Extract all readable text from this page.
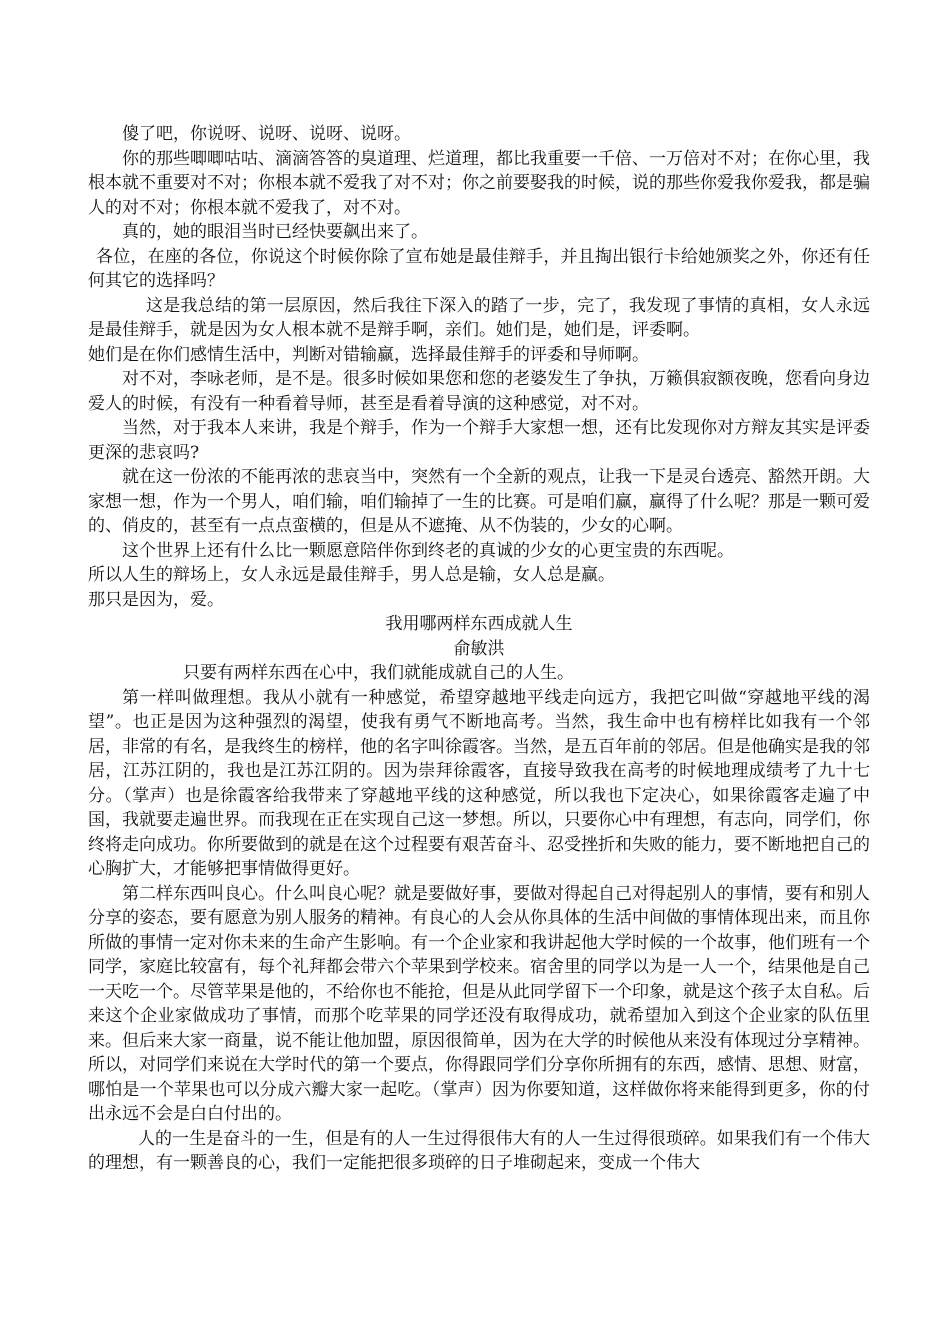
傻了吧，你说呀、说呀、说呀、说呀。

你的那些唧唧咕咕、滴滴答答的臭道理、烂道理，都比我重要一千倍、一万倍对不对；在你心里，我根本就不重要对不对；你根本就不爱我了对不对；你之前要娶我的时候，说的那些你爱我你爱我，都是骗人的对不对；你根本就不爱我了，对不对。

真的，她的眼泪当时已经快要飙出来了。

各位，在座的各位，你说这个时候你除了宣布她是最佳辩手，并且掏出银行卡给她颁奖之外，你还有任何其它的选择吗？

这是我总结的第一层原因，然后我往下深入的踏了一步，完了，我发现了事情的真相，女人永远是最佳辩手，就是因为女人根本就不是辩手啊，亲们。她们是，她们是，评委啊。

她们是在你们感情生活中，判断对错输赢，选择最佳辩手的评委和导师啊。

对不对，李咏老师，是不是。很多时候如果您和您的老婆发生了争执，万籁俱寂额夜晚，您看向身边爱人的时候，有没有一种看着导师，甚至是看着导演的这种感觉，对不对。

当然，对于我本人来讲，我是个辩手，作为一个辩手大家想一想，还有比发现你对方辩友其实是评委更深的悲哀吗?

就在这一份浓的不能再浓的悲哀当中，突然有一个全新的观点，让我一下是灵台透亮、豁然开朗。大家想一想，作为一个男人，咱们输，咱们输掉了一生的比赛。可是咱们赢，赢得了什么呢？那是一颗可爱的、俏皮的，甚至有一点点蛮横的，但是从不遮掩、从不伪装的，少女的心啊。

这个世界上还有什么比一颗愿意陪伴你到终老的真诚的少女的心更宝贵的东西呢。

所以人生的辩场上，女人永远是最佳辩手，男人总是输，女人总是赢。

那只是因为，爱。

我用哪两样东西成就人生

俞敏洪

只要有两样东西在心中，我们就能成就自己的人生。

第一样叫做理想。我从小就有一种感觉，希望穿越地平线走向远方，我把它叫做“穿越地平线的渴望”。也正是因为这种强烈的渴望，使我有勇气不断地高考。当然，我生命中也有榜样比如我有一个邻居，非常的有名，是我终生的榜样，他的名字叫徐霞客。当然，是五百年前的邻居。但是他确实是我的邻居，江苏江阴的，我也是江苏江阴的。因为崇拜徐霞客，直接导致我在高考的时候地理成绩考了九十七分。（掌声）也是徐霞客给我带来了穿越地平线的这种感觉，所以我也下定决心，如果徐霞客走遍了中国，我就要走遍世界。而我现在正在实现自己这一梦想。所以，只要你心中有理想，有志向，同学们，你终将走向成功。你所要做到的就是在这个过程要有艰苦奋斗、忍受挫折和失败的能力，要不断地把自己的心胸扩大，才能够把事情做得更好。

第二样东西叫良心。什么叫良心呢？就是要做好事，要做对得起自己对得起别人的事情，要有和别人分享的姿态，要有愿意为别人服务的精神。有良心的人会从你具体的生活中间做的事情体现出来，而且你所做的事情一定对你未来的生命产生影响。有一个企业家和我讲起他大学时候的一个故事，他们班有一个同学，家庭比较富有，每个礼拜都会带六个苹果到学校来。宿舍里的同学以为是一人一个，结果他是自己一天吃一个。尽管苹果是他的，不给你也不能抢，但是从此同学留下一个印象，就是这个孩子太自私。后来这个企业家做成功了事情，而那个吃苹果的同学还没有取得成功，就希望加入到这个企业家的队伍里来。但后来大家一商量，说不能让他加盟，原因很简单，因为在大学的时候他从来没有体现过分享精神。所以，对同学们来说在大学时代的第一个要点，你得跟同学们分享你所拥有的东西，感情、思想、财富，哪怕是一个苹果也可以分成六瓣大家一起吃。（掌声）因为你要知道，这样做你将来能得到更多，你的付出永远不会是白白付出的。

人的一生是奋斗的一生，但是有的人一生过得很伟大有的人一生过得很琐碎。如果我们有一个伟大的理想，有一颗善良的心，我们一定能把很多琐碎的日子堆砌起来，变成一个伟大
